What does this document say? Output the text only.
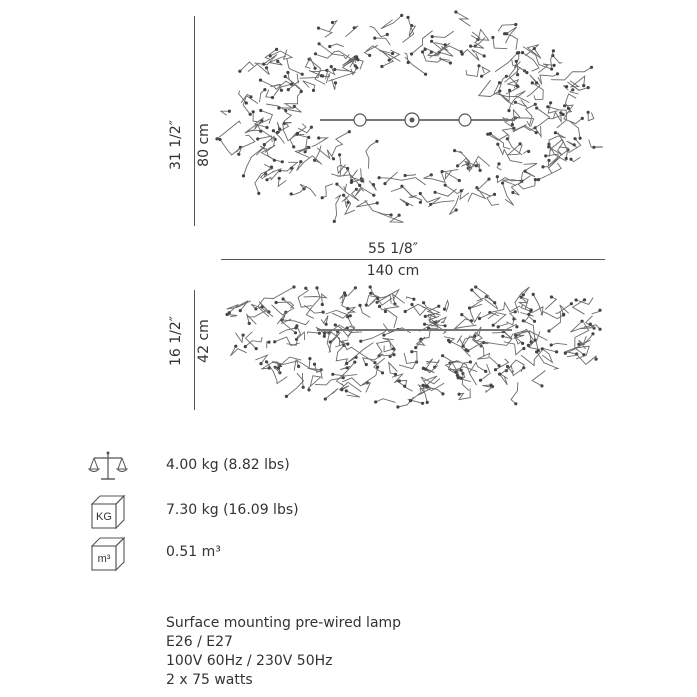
31 1/2″ 80 cm
55 1/8″
140 cm
16 1/2″ 42 cm
4.00 kg (8.82 lbs)
KG	7.30 kg (16.09 lbs)
m³	0.51 m³
Surface mounting pre-wired lamp
E26 / E27
100V 60Hz / 230V 50Hz
2 x 75 watts
